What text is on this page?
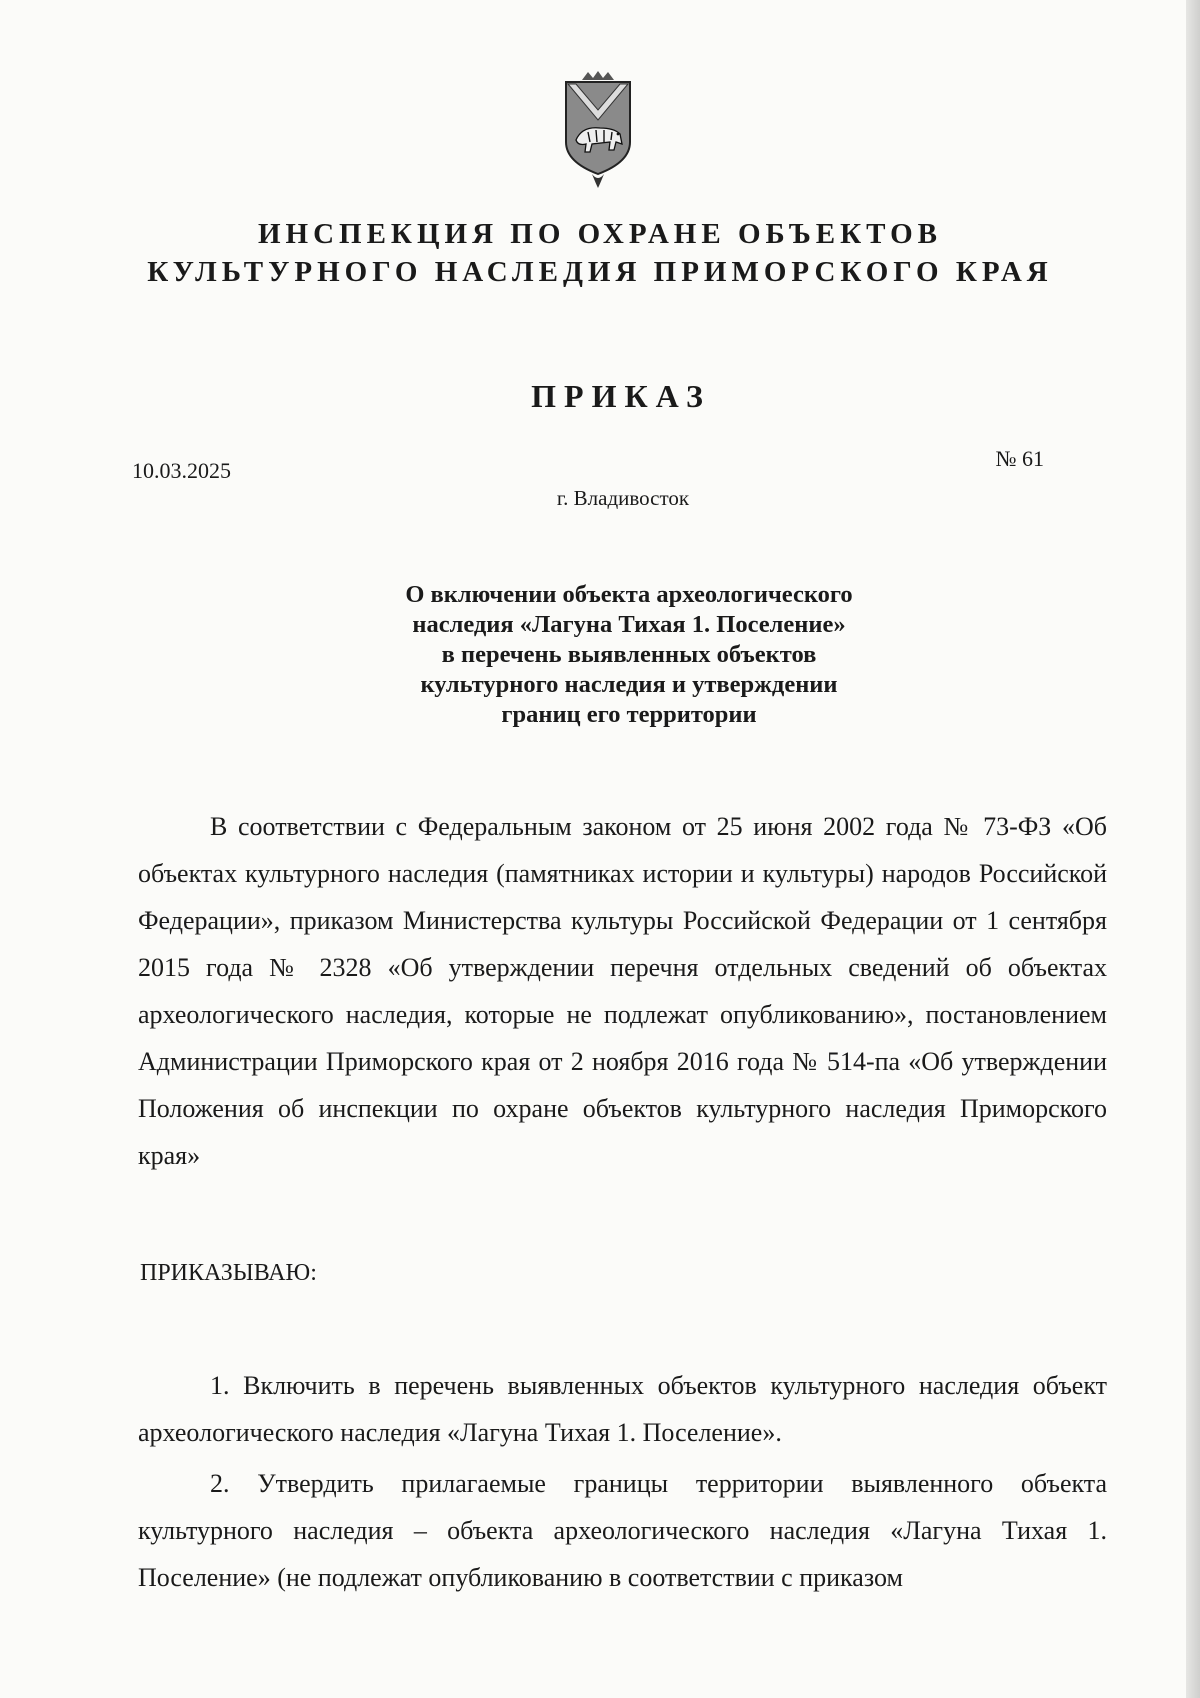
ИНСПЕКЦИЯ ПО ОХРАНЕ ОБЪЕКТОВ
КУЛЬТУРНОГО НАСЛЕДИЯ ПРИМОРСКОГО КРАЯ
ПРИКАЗ
10.03.2025	№ 61
г. Владивосток
О включении объекта археологического
наследия «Лагуна Тихая 1. Поселение»
в перечень выявленных объектов
культурного наследия и утверждении
границ его территории
В соответствии с Федеральным законом от 25 июня 2002 года № 73-ФЗ «Об объектах культурного наследия (памятниках истории и культуры) народов Российской Федерации», приказом Министерства культуры Российской Федерации от 1 сентября 2015 года № 2328 «Об утверждении перечня отдельных сведений об объектах археологического наследия, которые не подлежат опубликованию», постановлением Администрации Приморского края от 2 ноября 2016 года № 514-па «Об утверждении Положения об инспекции по охране объектов культурного наследия Приморского края»
ПРИКАЗЫВАЮ:
1. Включить в перечень выявленных объектов культурного наследия объект археологического наследия «Лагуна Тихая 1. Поселение».
2. Утвердить прилагаемые границы территории выявленного объекта культурного наследия – объекта археологического наследия «Лагуна Тихая 1. Поселение» (не подлежат опубликованию в соответствии с приказом
